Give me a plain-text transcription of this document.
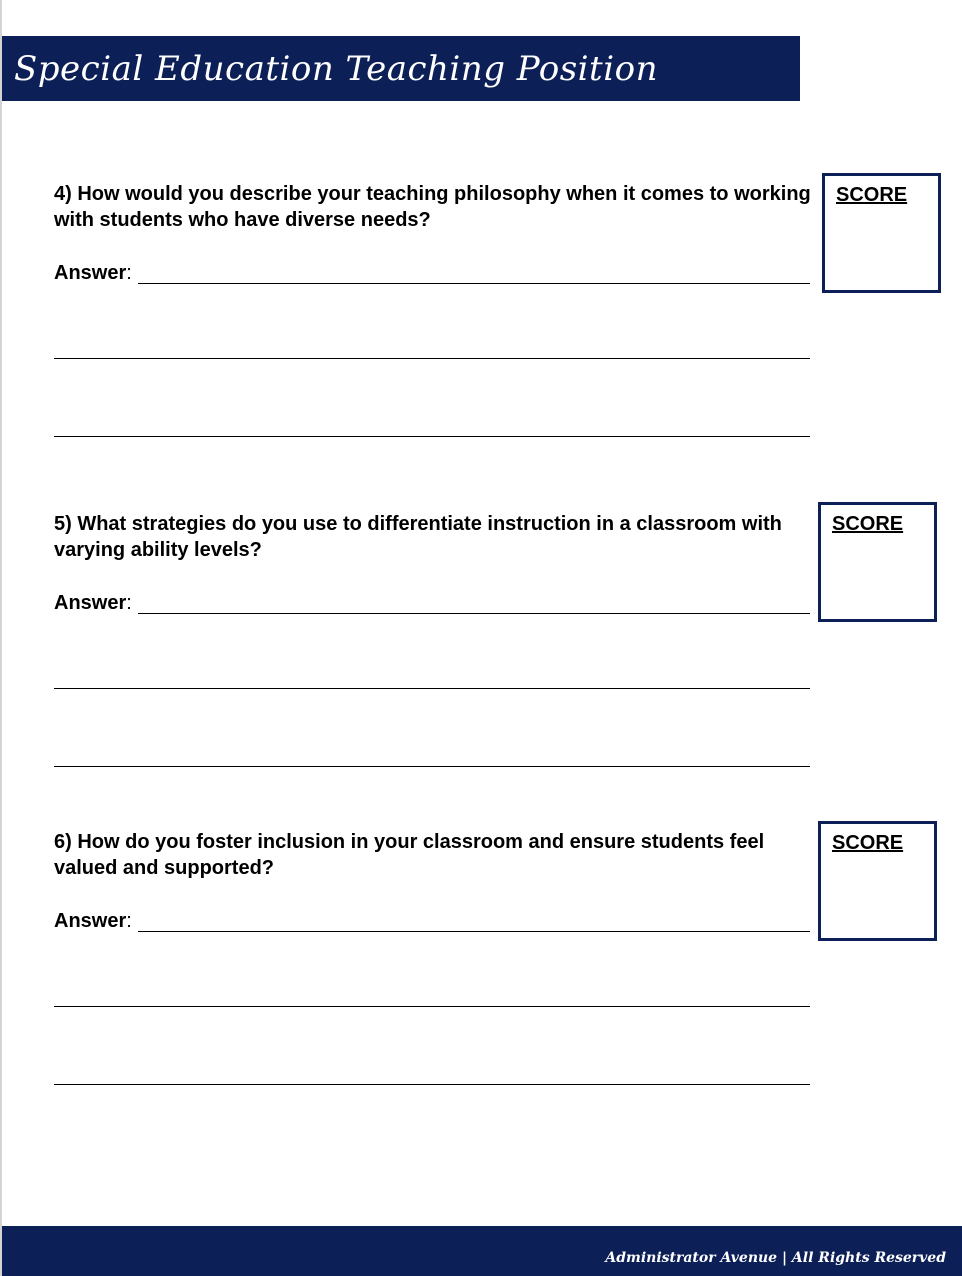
Special Education Teaching Position
4) How would you describe your teaching philosophy when it comes to working with students who have diverse needs?
Answer:
SCORE
5) What strategies do you use to differentiate instruction in a classroom with varying ability levels?
Answer:
SCORE
6) How do you foster inclusion in your classroom and ensure students feel valued and supported?
Answer:
SCORE
Administrator Avenue | All Rights Reserved
